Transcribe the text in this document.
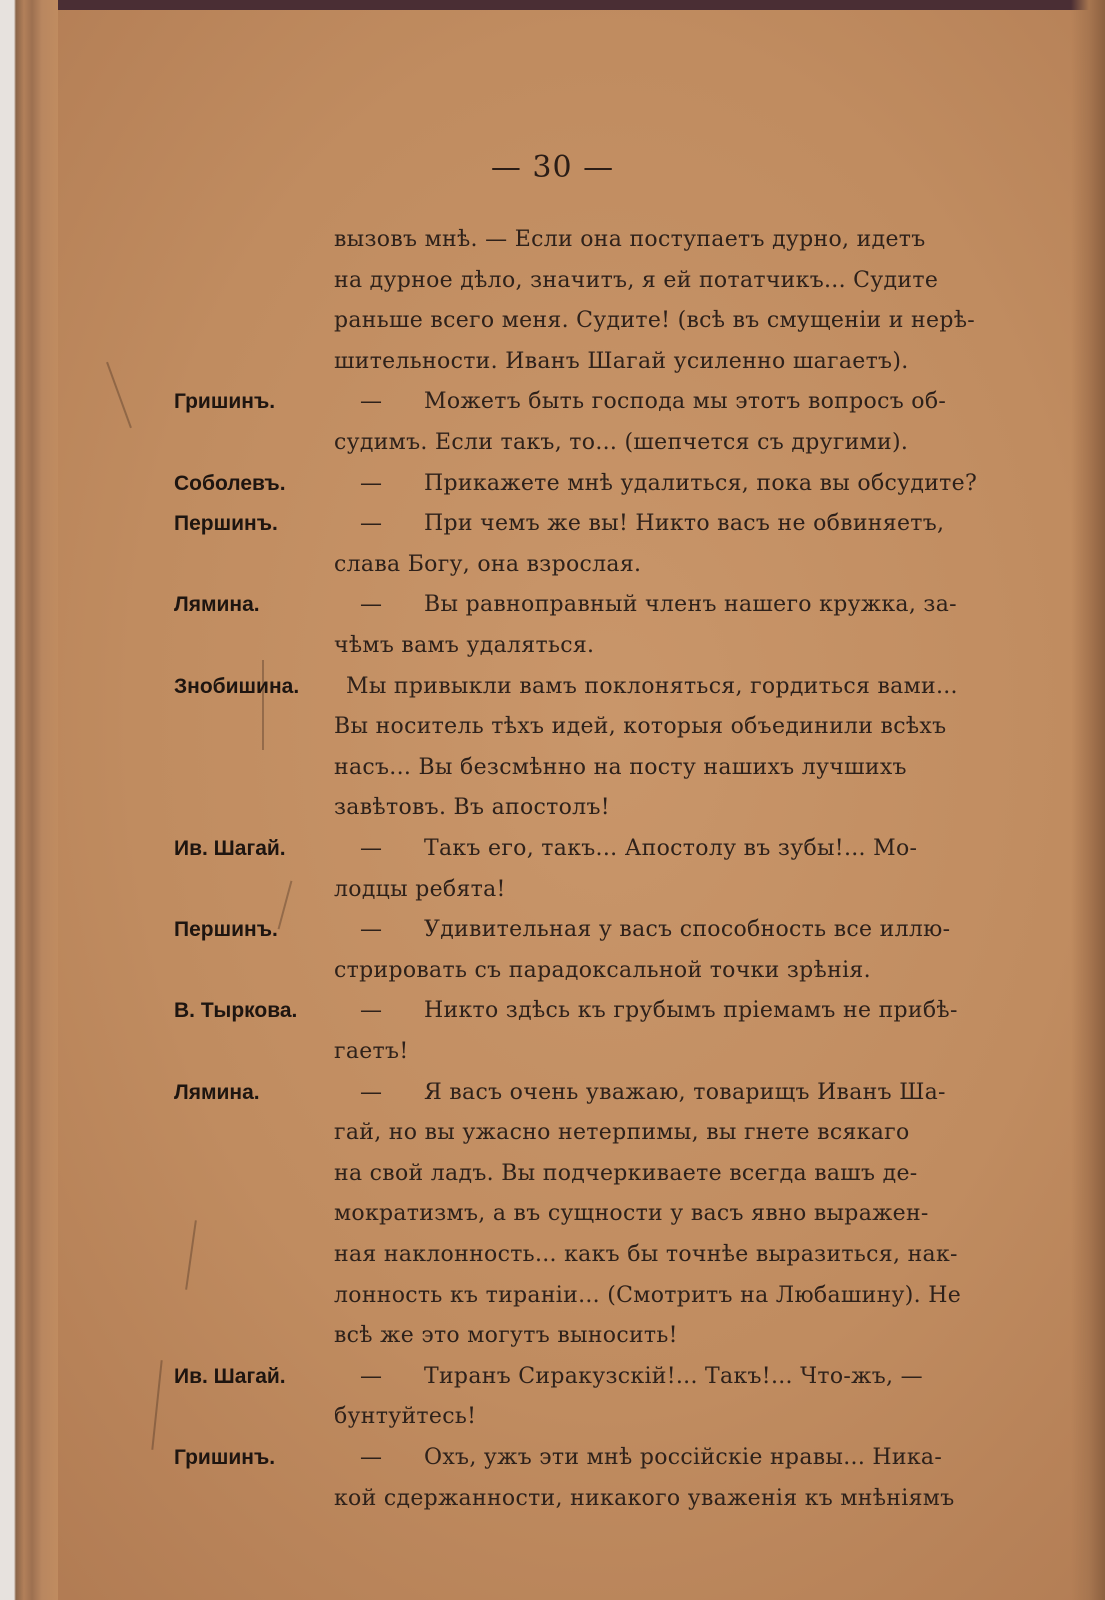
— 30 —
вызовъ мнѣ. — Если она поступаетъ дурно, идетъ
на дурное дѣло, значитъ, я ей потатчикъ... Судите
раньше всего меня. Судите! (всѣ въ смущеніи и нерѣ-
шительности. Иванъ Шагай усиленно шагаетъ).
Гришинъ.	— Можетъ быть господа мы этотъ вопросъ об-
судимъ. Если такъ, то... (шепчется съ другими).
Соболевъ.	— Прикажете мнѣ удалиться, пока вы обсудите?
Першинъ.	— При чемъ же вы! Никто васъ не обвиняетъ,
слава Богу, она взрослая.
Лямина.	— Вы равноправный членъ нашего кружка, за-
чѣмъ вамъ удаляться.
Знобишина. Мы привыкли вамъ поклоняться, гордиться вами...
Вы носитель тѣхъ идей, которыя объединили всѣхъ
насъ... Вы безсмѣнно на посту нашихъ лучшихъ
завѣтовъ. Въ апостолъ!
Ив. Шагай.	— Такъ его, такъ... Апостолу въ зубы!... Мо-
лодцы ребята!
Першинъ.	— Удивительная у васъ способность все иллю-
стрировать съ парадоксальной точки зрѣнія.
В. Тыркова.	— Никто здѣсь къ грубымъ пріемамъ не прибѣ-
гаетъ!
Лямина.	— Я васъ очень уважаю, товарищъ Иванъ Ша-
гай, но вы ужасно нетерпимы, вы гнете всякаго
на свой ладъ. Вы подчеркиваете всегда вашъ де-
мократизмъ, а въ сущности у васъ явно выражен-
ная наклонность... какъ бы точнѣе выразиться, нак-
лонность къ тираніи... (Смотритъ на Любашину). Не
всѣ же это могутъ выносить!
Ив. Шагай.	— Тиранъ Сиракузскій!... Такъ!... Что-жъ, —
бунтуйтесь!
Гришинъ.	— Охъ, ужъ эти мнѣ россійскіе нравы... Ника-
кой сдержанности, никакого уваженія къ мнѣніямъ
